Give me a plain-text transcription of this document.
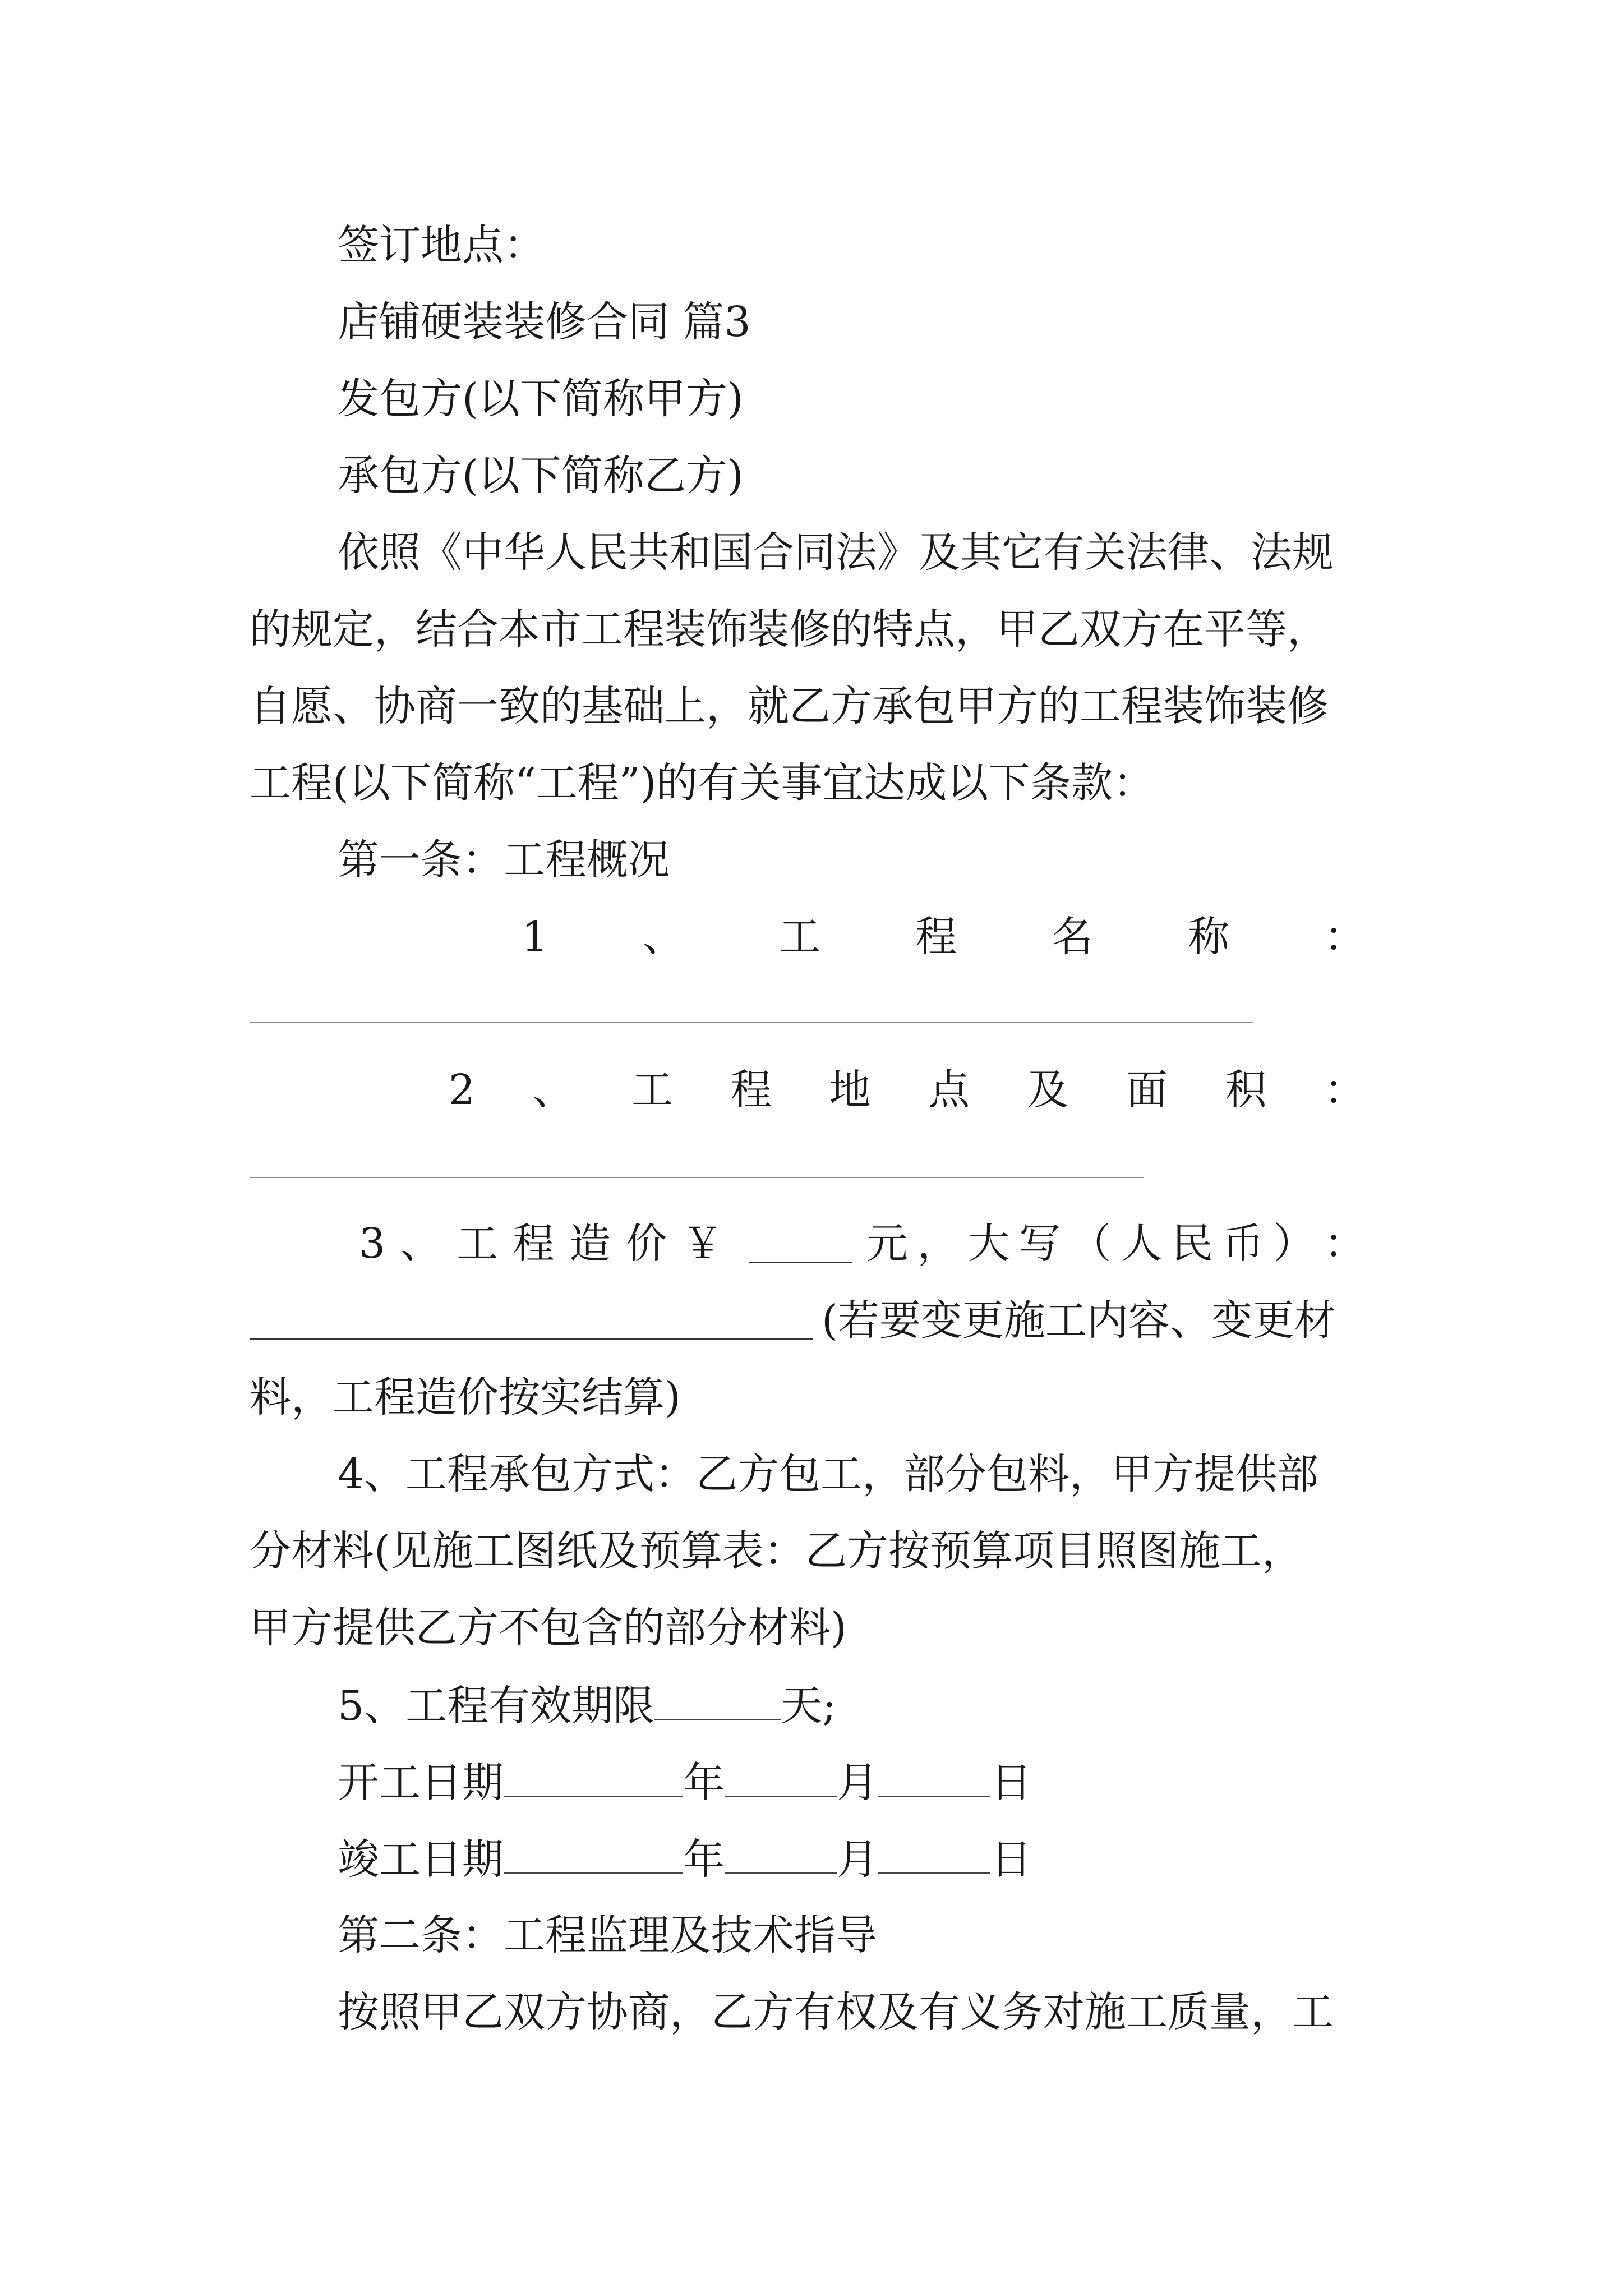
签订地点：
店铺硬装装修合同 篇3
发包方(以下简称甲方)
承包方(以下简称乙方)
依照《中华人民共和国合同法》及其它有关法律、法规
的规定，结合本市工程装饰装修的特点，甲乙双方在平等，
自愿、协商一致的基础上，就乙方承包甲方的工程装饰装修
工程(以下简称“工程”)的有关事宜达成以下条款：
第一条：工程概况
1 、 工 程 名 称 ：
2 、 工 程 地 点 及 面 积 ：
3 、 工 程 造 价 ￥	元 ， 大 写 （ 人 民 币 ） ：
(若要变更施工内容、变更材
料，工程造价按实结算)
4、工程承包方式：乙方包工，部分包料，甲方提供部
分材料(见施工图纸及预算表：乙方按预算项目照图施工，
甲方提供乙方不包含的部分材料)
5、工程有效期限	天;
开工日期	年	月	日
竣工日期	年	月	日
第二条：工程监理及技术指导
按照甲乙双方协商，乙方有权及有义务对施工质量，工
